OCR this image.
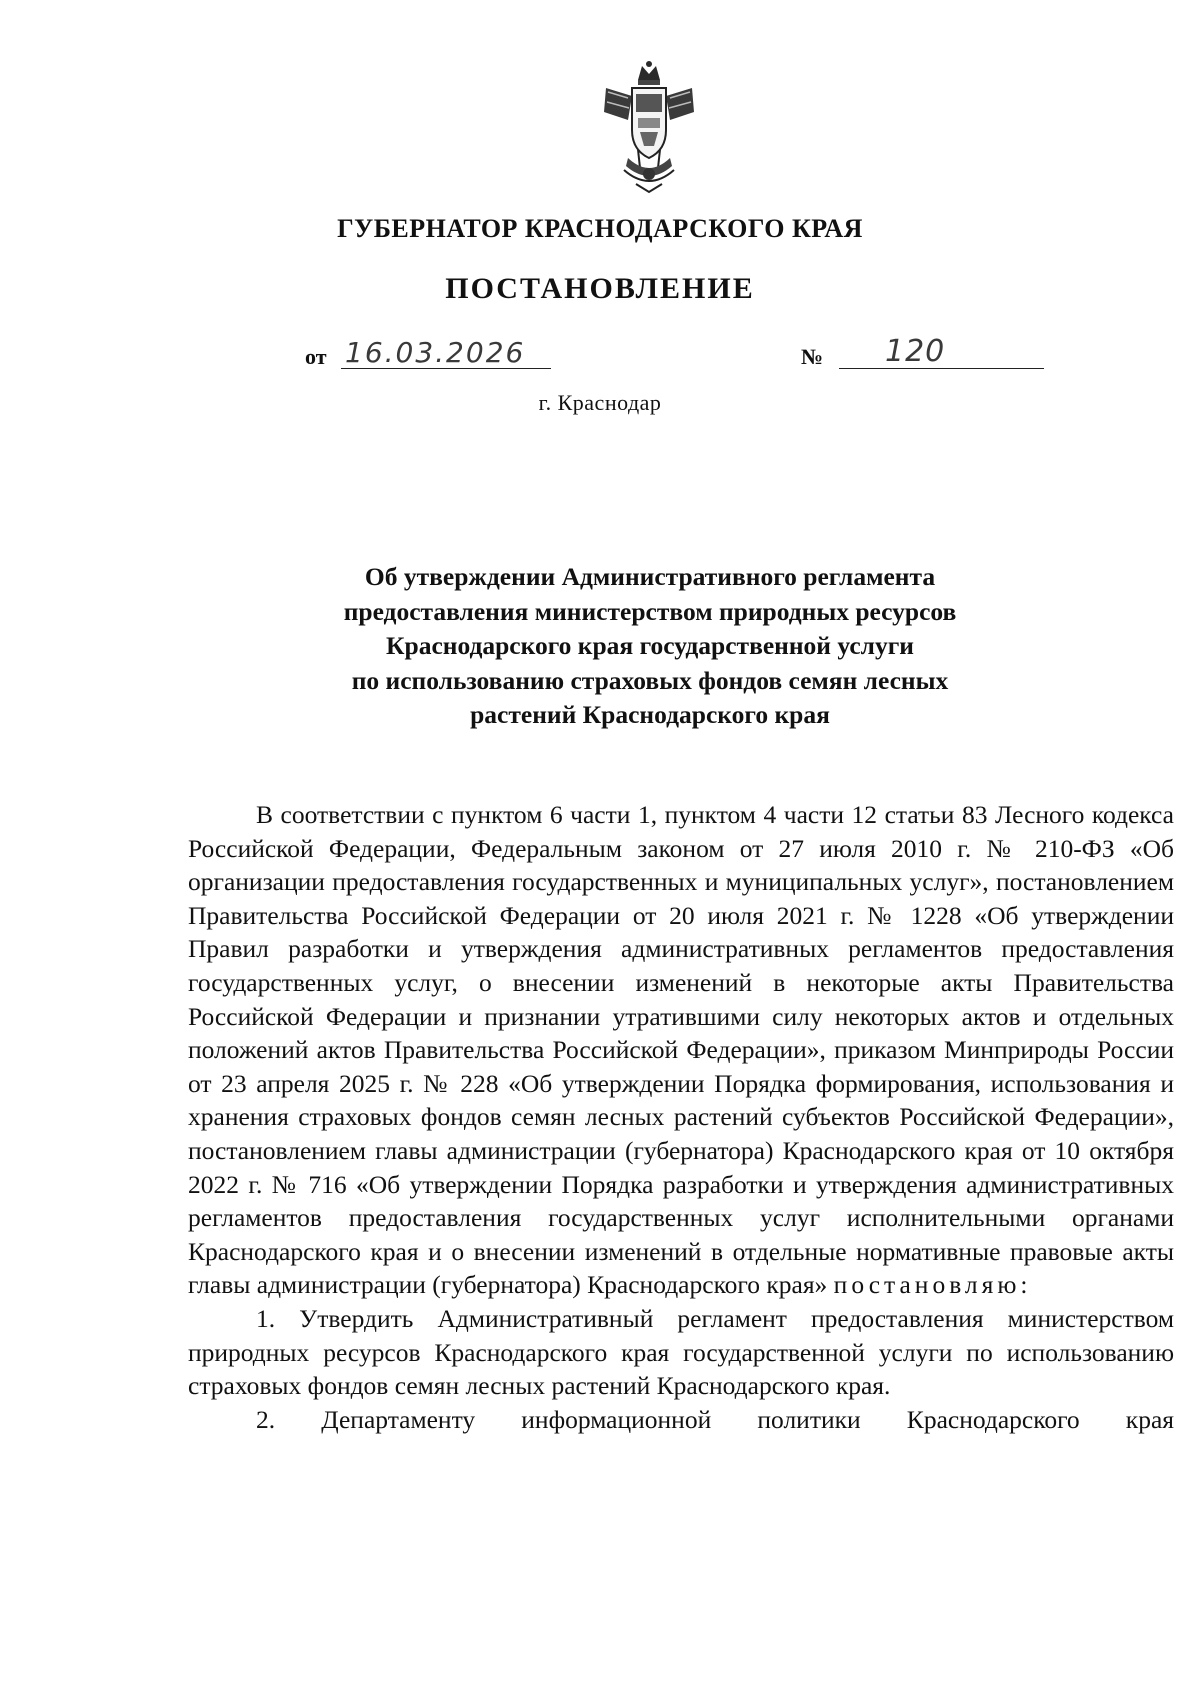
ГУБЕРНАТОР КРАСНОДАРСКОГО КРАЯ
ПОСТАНОВЛЕНИЕ
от 16.03.2026	№ 120
г. Краснодар
Об утверждении Административного регламента
предоставления министерством природных ресурсов
Краснодарского края государственной услуги
по использованию страховых фондов семян лесных
растений Краснодарского края

В соответствии с пунктом 6 части 1, пунктом 4 части 12 статьи 83 Лесного кодекса Российской Федерации, Федеральным законом от 27 июля 2010 г. № 210-ФЗ «Об организации предоставления государственных и муниципальных услуг», постановлением Правительства Российской Федерации от 20 июля 2021 г. № 1228 «Об утверждении Правил разработки и утверждения административных регламентов предоставления государственных услуг, о внесении изменений в некоторые акты Правительства Российской Федерации и признании утратившими силу некоторых актов и отдельных положений актов Правительства Российской Федерации», приказом Минприроды России от 23 апреля 2025 г. № 228 «Об утверждении Порядка формирования, использования и хранения страховых фондов семян лесных растений субъектов Российской Федерации», постановлением главы администрации (губернатора) Краснодарского края от 10 октября 2022 г. № 716 «Об утверждении Порядка разработки и утверждения административных регламентов предоставления государственных услуг исполнительными органами Краснодарского края и о внесении изменений в отдельные нормативные правовые акты главы администрации (губернатора) Краснодарского края» постановляю:

1. Утвердить Административный регламент предоставления министерством природных ресурсов Краснодарского края государственной услуги по использованию страховых фондов семян лесных растений Краснодарского края.

2. Департаменту информационной политики Краснодарского края
